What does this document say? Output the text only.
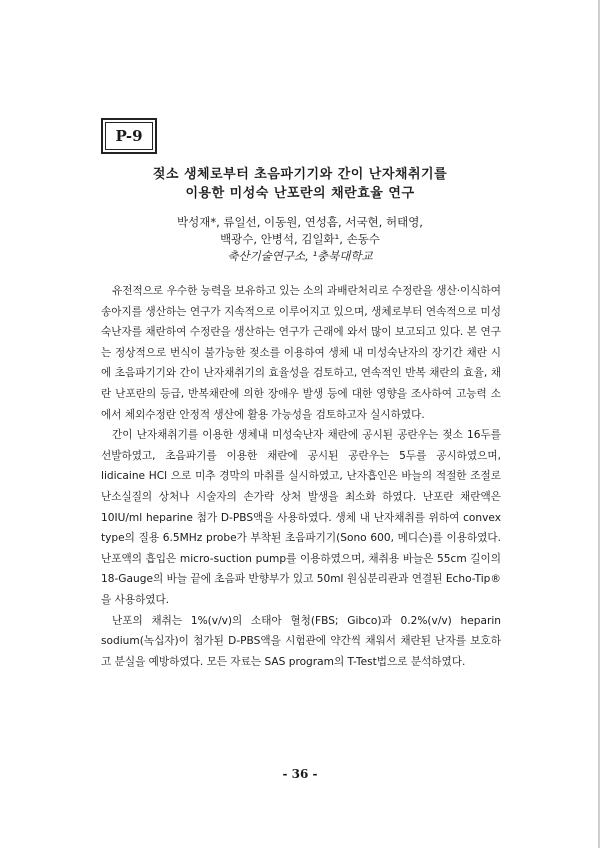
P-9
젖소 생체로부터 초음파기기와 간이 난자채취기를
이용한 미성숙 난포란의 채란효율 연구
박성재*, 류일선, 이동원, 연성흠, 서국현, 허태영,
백광수, 안병석, 김일화¹, 손동수
축산기술연구소, ¹충북대학교

유전적으로 우수한 능력을 보유하고 있는 소의 과배란처리로 수정란을 생산·이식하여 송아지를 생산하는 연구가 지속적으로 이루어지고 있으며, 생체로부터 연속적으로 미성숙난자를 채란하여 수정란을 생산하는 연구가 근래에 와서 많이 보고되고 있다. 본 연구는 정상적으로 번식이 불가능한 젖소를 이용하여 생체 내 미성숙난자의 장기간 채란 시에 초음파기기와 간이 난자채취기의 효율성을 검토하고, 연속적인 반복 채란의 효율, 채란 난포란의 등급, 반복채란에 의한 장애우 발생 등에 대한 영향을 조사하여 고능력 소에서 체외수정란 안정적 생산에 활용 가능성을 검토하고자 실시하였다.

간이 난자채취기를 이용한 생체내 미성숙난자 채란에 공시된 공란우는 젖소 16두를 선발하였고, 초음파기를 이용한 채란에 공시된 공란우는 5두를 공시하였으며, lidicaine HCl 으로 미추 경막의 마취를 실시하였고, 난자흡인은 바늘의 적절한 조절로 난소실질의 상처나 시술자의 손가락 상처 발생을 최소화 하였다. 난포란 채란액은 10IU/ml heparine 첨가 D-PBS액을 사용하였다. 생체 내 난자채취를 위하여 convex type의 질용 6.5MHz probe가 부착된 초음파기기(Sono 600, 메디슨)를 이용하였다. 난포액의 흡입은 micro-suction pump를 이용하였으며, 채취용 바늘은 55cm 길이의 18-Gauge의 바늘 끝에 초음파 반향부가 있고 50ml 원심분리관과 연결된 Echo-Tip® 을 사용하였다.

난포의 채취는 1%(v/v)의 소태아 혈청(FBS; Gibco)과 0.2%(v/v) heparin sodium(녹십자)이 첨가된 D-PBS액을 시험관에 약간씩 채워서 채란된 난자를 보호하고 분실을 예방하였다. 모든 자료는 SAS program의 T-Test법으로 분석하였다.

- 36 -
